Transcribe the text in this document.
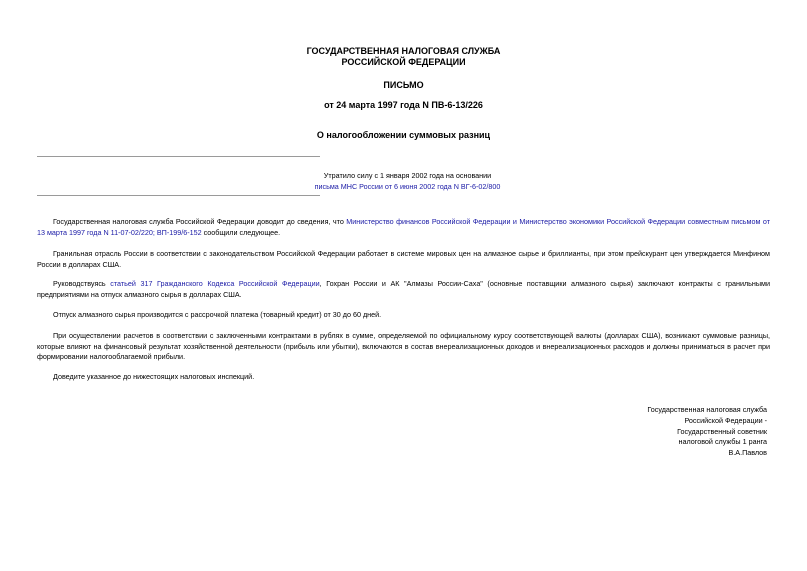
ГОСУДАРСТВЕННАЯ НАЛОГОВАЯ СЛУЖБА
РОССИЙСКОЙ ФЕДЕРАЦИИ
ПИСЬМО
от 24 марта 1997 года N ПВ-6-13/226
О налогообложении суммовых разниц
Утратило силу с 1 января 2002 года на основании
письма МНС России от 6 июня 2002 года N ВГ-6-02/800

Государственная налоговая служба Российской Федерации доводит до сведения, что Министерство финансов Российской Федерации и Министерство экономики Российской Федерации совместным письмом от 13 марта 1997 года N 11-07-02/220; ВП-199/6-152 сообщили следующее.

Гранильная отрасль России в соответствии с законодательством Российской Федерации работает в системе мировых цен на алмазное сырье и бриллианты, при этом прейскурант цен утверждается Минфином России в долларах США.

Руководствуясь статьей 317 Гражданского Кодекса Российской Федерации, Гохран России и АК "Алмазы России-Саха" (основные поставщики алмазного сырья) заключают контракты с гранильными предприятиями на отпуск алмазного сырья в долларах США.

Отпуск алмазного сырья производится с рассрочкой платежа (товарный кредит) от 30 до 60 дней.
При осуществлении расчетов в соответствии с заключенными контрактами в рублях в сумме, определяемой по официальному курсу соответствующей валюты (долларах США), возникают суммовые разницы, которые влияют на финансовый результат хозяйственной деятельности (прибыль или убытки), включаются в состав внереализационных доходов и внереализационных расходов и должны приниматься в расчет при формировании налогооблагаемой прибыли.
Доведите указанное до нижестоящих налоговых инспекций.
Государственная налоговая служба
Российской Федерации -
Государственный советник
налоговой службы 1 ранга
В.А.Павлов
